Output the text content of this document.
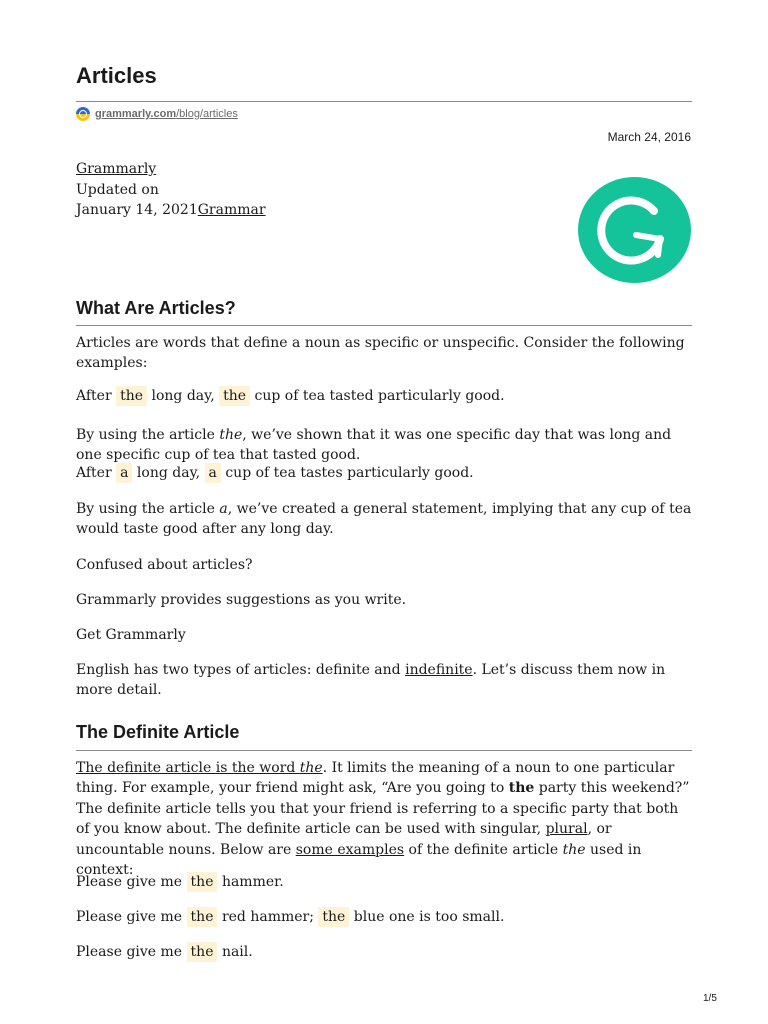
Articles
grammarly.com/blog/articles
March 24, 2016
Grammarly
Updated on
January 14, 2021Grammar
What Are Articles?

Articles are words that define a noun as specific or unspecific. Consider the following examples:

After the long day, the cup of tea tasted particularly good.

By using the article the, we’ve shown that it was one specific day that was long and one specific cup of tea that tasted good.

After a long day, a cup of tea tastes particularly good.

By using the article a, we’ve created a general statement, implying that any cup of tea would taste good after any long day.

Confused about articles?

Grammarly provides suggestions as you write.

Get Grammarly

English has two types of articles: definite and indefinite. Let’s discuss them now in more detail.

The Definite Article

The definite article is the word the. It limits the meaning of a noun to one particular thing. For example, your friend might ask, “Are you going to the party this weekend?” The definite article tells you that your friend is referring to a specific party that both of you know about. The definite article can be used with singular, plural, or uncountable nouns. Below are some examples of the definite article the used in context:

Please give me the hammer.

Please give me the red hammer; the blue one is too small.

Please give me the nail.

1/5
